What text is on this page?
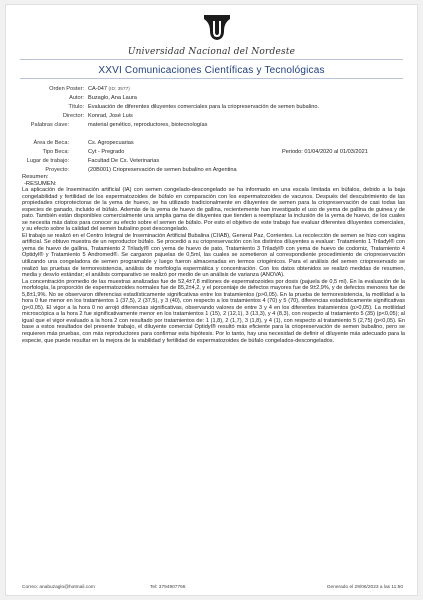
Universidad Nacional del Nordeste
XXVI Comunicaciones Científicas y Tecnológicas
Orden Poster: CA-047 (ID: 3577)
Autor: Buzaglo, Ana Laura
Título: Evaluación de diferentes diluyentes comerciales para la criopreservación de semen bubalino.
Director: Konrad, José Luis
Palabras clave:	material genético, reproductores, biotecnologías
Área de Beca:	Cs. Agropecuarias
Tipo Beca:	Cyt - Pregrado	Periodo: 01/04/2020 al 01/03/2021
Lugar de trabajo:	Facultad De Cs. Veterinarias
Proyecto:	(20B001) Criopreservación de semen bubalino en Argentina
Resumen:
-RESUMEN:

La aplicación de Inseminación artificial (IA) con semen congelado-descongelado se ha informado en una escala limitada en búfalos, debido a la baja congelabilidad y fertilidad de los espermatozoides de búfalo en comparación con los espermatozoides de vacunos. Después del descubrimiento de las propiedades crioprotectoras de la yema de huevo, se ha utilizado tradicionalmente en diluyentes de semen para la criopreservación de casi todas las especies de ganado, incluido el búfalo. Además de la yema de huevo de gallina, recientemente han investigado el uso de yema de gallina de guinea y de pato. También están disponibles comercialmente una amplia gama de diluyentes que tienden a reemplazar la inclusión de la yema de huevo, de los cuales se necesita más datos para conocer su efecto sobre el semen de búfalo. Por esto el objetivo de este trabajo fue evaluar diferentes diluyentes comerciales, y su efecto sobre la calidad del semen bubalino post descongelado.

El trabajo se realizó en el Centro Integral de Inseminación Artificial Bubalina (CIIAB), General Paz, Corrientes. La recolección de semen se hizo con vagina artificial. Se obtuvo muestra de un reproductor búfalo. Se procedió a su criopreservación con los distintos diluyentes a evaluar: Tratamiento 1 Triladyl® con yema de huevo de gallina, Tratamiento 2 Triladyl® con yema de huevo de pato, Tratamiento 3 Triladyl® con yema de huevo de codorniz, Tratamiento 4 Optidyl® y Tratamiento 5 Andromed®. Se cargaron pajuelas de 0,5ml, las cuales se sometieron al correspondiente procedimiento de criopreservación utilizando una congeladora de semen programable y luego fueron almacenadas en termos criogénicos. Para el análisis del semen criopreservado se realizó las pruebas de termoresistencia, análisis de morfología espermática y concentración. Con los datos obtenidos se realizó medidas de resumen, media y desvío estándar; el análisis comparativo se realizó por medio de un análisis de varianza (ANOVA).

La concentración promedio de las muestras analizadas fue de 52,4±7,8 millones de espermatozoides por dosis (pajuela de 0,5 ml). En la evaluación de la morfología, la proporción de espermatozoides normales fue de 85,2±4,2, y el porcentaje de defectos mayores fue de 9±2,9%, y de defectos menores fue de 5,8±1,9%. No se observaron diferencias estadísticamente significativas entre los tratamientos (p>0,05). En la prueba de termoresistencia, la motilidad a la hora 0 fue menor en los tratamientos 1 (37,5), 2 (37,5), y 3 (40), con respecto a los tratamientos 4 (70) y 5 (70), diferencias estadísticamente significativas (p<0,05). El vigor a la hora 0 no arrojó diferencias significativas, observando valores de entre 3 y 4 en los diferentes tratamientos (p>0,05). La motilidad microscópica a la hora 2 fue significativamente menor en los tratamientos 1 (15), 2 (12,1), 3 (13,3), y 4 (8,3), con respecto al tratamiento 5 (35) (p<0,05); al igual que el vigor evaluado a la hora 2 con resultado por tratamientos de: 1 (1,8), 2 (1,7), 3 (1,8), y 4 (1), con respecto al tratamiento 5 (2,75) (p<0,05). En base a estos resultados del presente trabajo, el diluyente comercial Optidyl® resultó más eficiente para la criopreservación de semen bubalino, pero se requieren más pruebas, con más reproductores para confirmar esta hipótesis. Por lo tanto, hay una necesidad de definir el diluyente más adecuado para la especie, que puede resultar en la mejora de la viabilidad y fertilidad de espermatozoides de búfalo congelados-descongelados.

Correo: anabuzaglo@hotmail.com	Tel: 3794907766	Generado el 29/06/2023 a las 11:50
